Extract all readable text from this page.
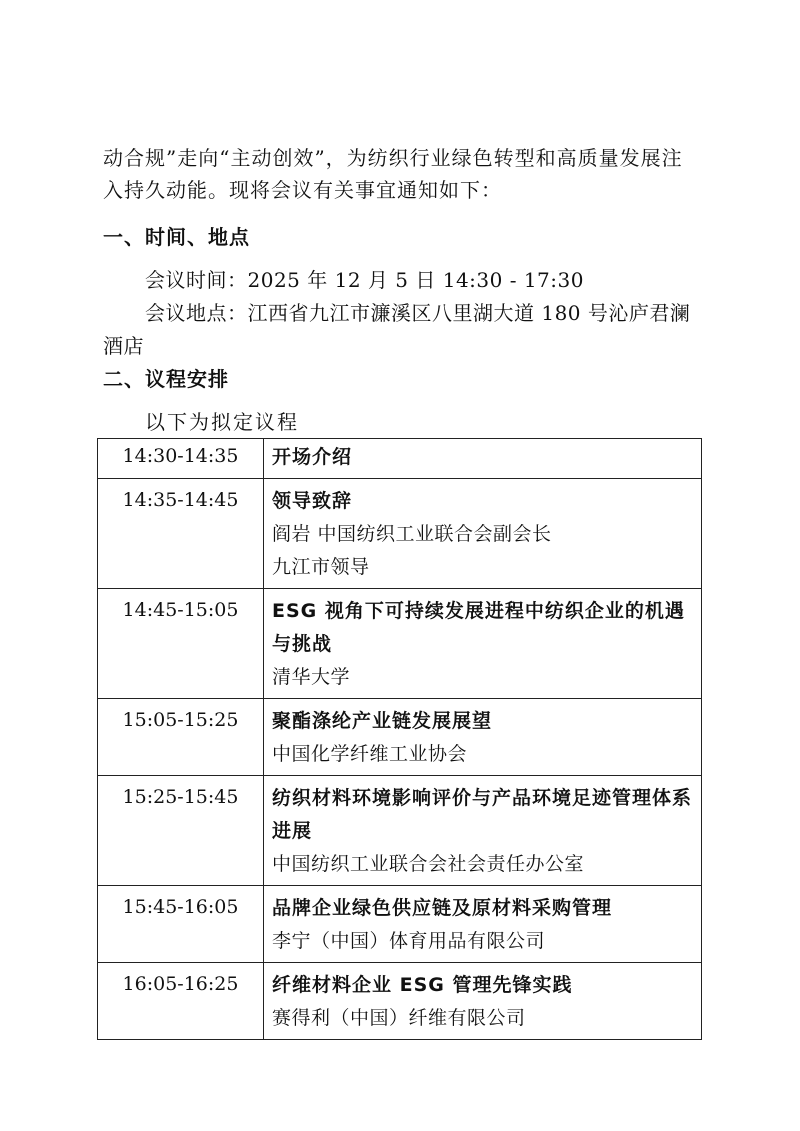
动合规”走向“主动创效”，为纺织行业绿色转型和高质量发展注入持久动能。现将会议有关事宜通知如下：
一、时间、地点
会议时间：2025 年 12 月 5 日 14:30 - 17:30
会议地点：江西省九江市濂溪区八里湖大道 180 号沁庐君澜
酒店
二、议程安排
以下为拟定议程
14:30-14:35	开场介绍

14:35-14:45	领导致辞
阎岩 中国纺织工业联合会副会长
九江市领导

14:45-15:05	ESG 视角下可持续发展进程中纺织企业的机遇与挑战
清华大学

15:05-15:25	聚酯涤纶产业链发展展望
中国化学纤维工业协会

15:25-15:45	纺织材料环境影响评价与产品环境足迹管理体系进展
中国纺织工业联合会社会责任办公室

15:45-16:05	品牌企业绿色供应链及原材料采购管理
李宁（中国）体育用品有限公司

16:05-16:25	纤维材料企业 ESG 管理先锋实践
赛得利（中国）纤维有限公司
